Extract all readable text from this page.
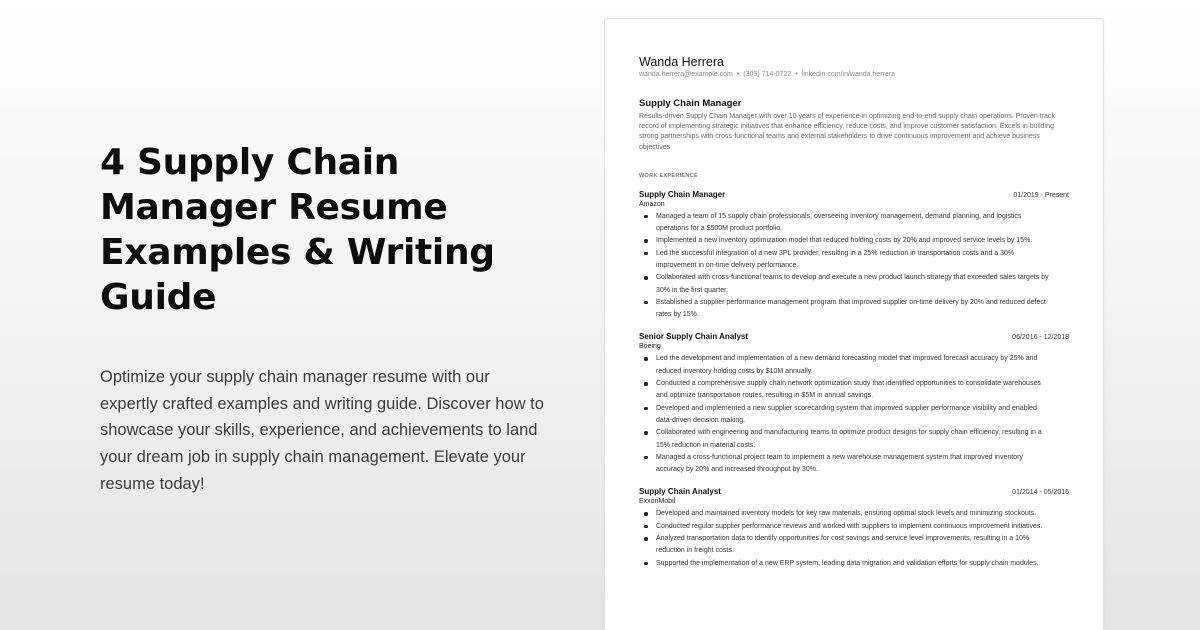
4 Supply Chain Manager Resume Examples & Writing Guide

Optimize your supply chain manager resume with our expertly crafted examples and writing guide. Discover how to showcase your skills, experience, and achievements to land your dream job in supply chain management. Elevate your resume today!

Wanda Herrera
wanda.herrera@example.com • (309) 714-0722 • linkedin.com/in/wanda.herrera
Supply Chain Manager
Results-driven Supply Chain Manager with over 10 years of experience in optimizing end-to-end supply chain operations. Proven track record of implementing strategic initiatives that enhance efficiency, reduce costs, and improve customer satisfaction. Excels in building strong partnerships with cross-functional teams and external stakeholders to drive continuous improvement and achieve business objectives.
WORK EXPERIENCE
Supply Chain Manager	01/2019 - Present
Amazon
Managed a team of 15 supply chain professionals, overseeing inventory management, demand planning, and logistics operations for a $500M product portfolio.
Implemented a new inventory optimization model that reduced holding costs by 20% and improved service levels by 15%.
Led the successful integration of a new 3PL provider, resulting in a 25% reduction in transportation costs and a 30% improvement in on-time delivery performance.
Collaborated with cross-functional teams to develop and execute a new product launch strategy that exceeded sales targets by 30% in the first quarter.
Established a supplier performance management program that improved supplier on-time delivery by 20% and reduced defect rates by 15%.
Senior Supply Chain Analyst	06/2016 - 12/2018
Boeing
Led the development and implementation of a new demand forecasting model that improved forecast accuracy by 25% and reduced inventory holding costs by $10M annually.
Conducted a comprehensive supply chain network optimization study that identified opportunities to consolidate warehouses and optimize transportation routes, resulting in $5M in annual savings.
Developed and implemented a new supplier scorecarding system that improved supplier performance visibility and enabled data-driven decision making.
Collaborated with engineering and manufacturing teams to optimize product designs for supply chain efficiency, resulting in a 15% reduction in material costs.
Managed a cross-functional project team to implement a new warehouse management system that improved inventory accuracy by 20% and increased throughput by 30%.
Supply Chain Analyst	01/2014 - 05/2016
ExxonMobil
Developed and maintained inventory models for key raw materials, ensuring optimal stock levels and minimizing stockouts.
Conducted regular supplier performance reviews and worked with suppliers to implement continuous improvement initiatives.
Analyzed transportation data to identify opportunities for cost savings and service level improvements, resulting in a 10% reduction in freight costs.
Supported the implementation of a new ERP system, leading data migration and validation efforts for supply chain modules.
